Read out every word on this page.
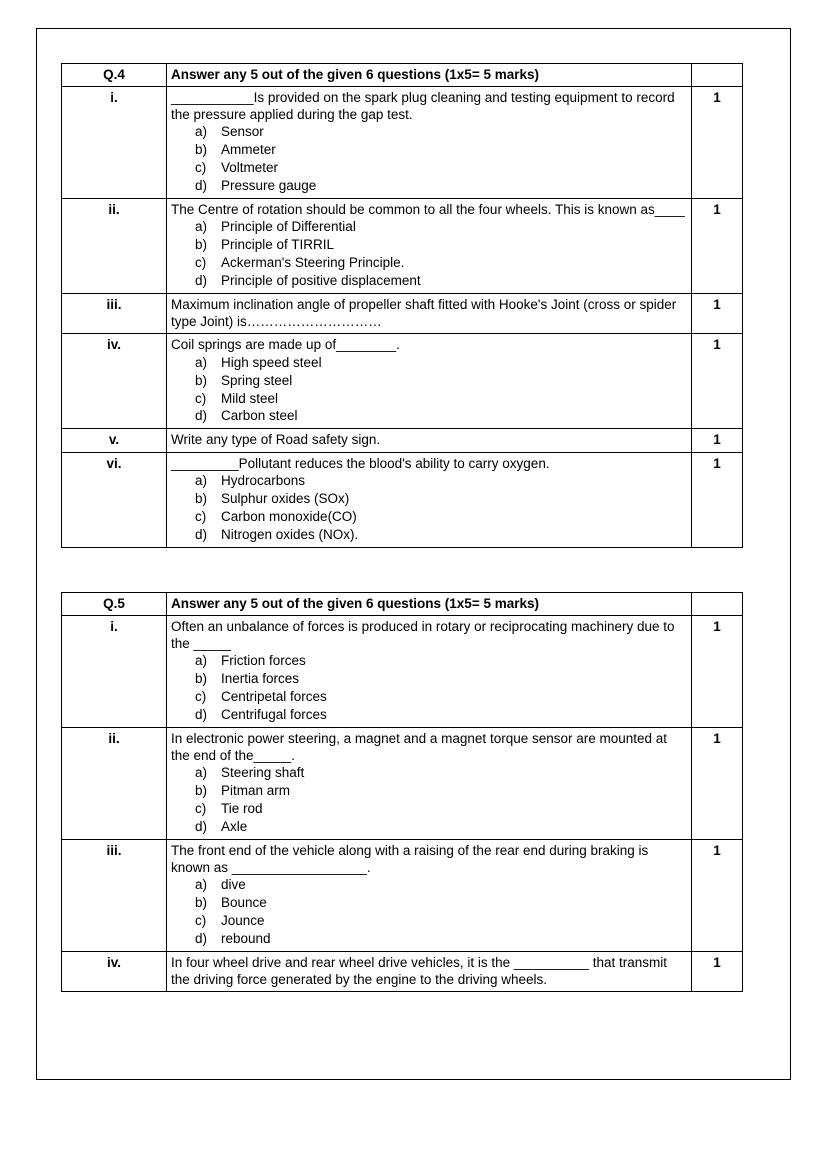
Q.4	Answer any 5 out of the given 6 questions (1x5= 5 marks)	
i.	___________Is provided on the spark plug cleaning and testing equipment to record the pressure applied during the gap test.
a) Sensor
b) Ammeter
c) Voltmeter
d) Pressure gauge
	1
ii.	The Centre of rotation should be common to all the four wheels. This is known as____
a) Principle of Differential
b) Principle of TIRRIL
c) Ackerman's Steering Principle.
d) Principle of positive displacement
	1
iii.	Maximum inclination angle of propeller shaft fitted with Hooke's Joint (cross or spider type Joint) is…………………………	1
iv.	Coil springs are made up of________.
a) High speed steel
b) Spring steel
c) Mild steel
d) Carbon steel
	1
v.	Write any type of Road safety sign.	1
vi.	_________Pollutant reduces the blood's ability to carry oxygen.
a) Hydrocarbons
b) Sulphur oxides (SOx)
c) Carbon monoxide(CO)
d) Nitrogen oxides (NOx).
	1
Q.5	Answer any 5 out of the given 6 questions (1x5= 5 marks)	
i.	Often an unbalance of forces is produced in rotary or reciprocating machinery due to the _____
a) Friction forces
b) Inertia forces
c) Centripetal forces
d) Centrifugal forces
	1
ii.	In electronic power steering, a magnet and a magnet torque sensor are mounted at the end of the_____.
a) Steering shaft
b) Pitman arm
c) Tie rod
d) Axle
	1
iii.	The front end of the vehicle along with a raising of the rear end during braking is known as __________________.
a) dive
b) Bounce
c) Jounce
d) rebound
	1
iv.	In four wheel drive and rear wheel drive vehicles, it is the __________ that transmit the driving force generated by the engine to the driving wheels.	1
